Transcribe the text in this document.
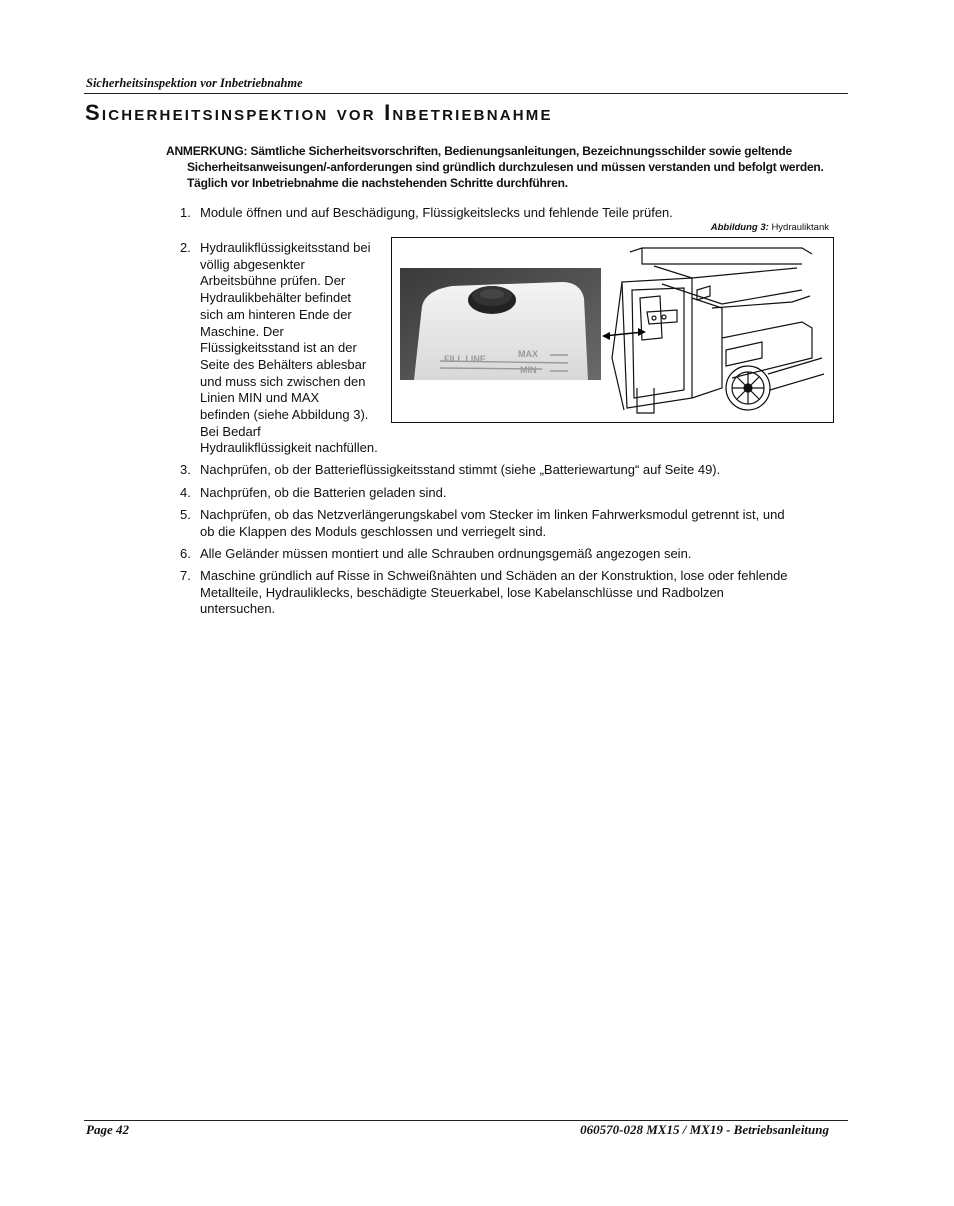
Sicherheitsinspektion vor Inbetriebnahme
Sicherheitsinspektion vor Inbetriebnahme
ANMERKUNG: Sämtliche Sicherheitsvorschriften, Bedienungsanleitungen, Bezeichnungsschilder sowie geltende Sicherheitsanweisungen/-anforderungen sind gründlich durchzulesen und müssen verstanden und befolgt werden. Täglich vor Inbetriebnahme die nachstehenden Schritte durchführen.
1. Module öffnen und auf Beschädigung, Flüssigkeitslecks und fehlende Teile prüfen.
Abbildung 3: Hydrauliktank
2. Hydraulikflüssigkeitsstand bei
völlig abgesenkter
Arbeitsbühne prüfen. Der
Hydraulikbehälter befindet
sich am hinteren Ende der
Maschine. Der
Flüssigkeitsstand ist an der
Seite des Behälters ablesbar
und muss sich zwischen den
Linien MIN und MAX
befinden (siehe Abbildung 3).
Bei Bedarf
Hydraulikflüssigkeit nachfüllen.
FILL LINE	MAX
MIN
3. Nachprüfen, ob der Batterieflüssigkeitsstand stimmt (siehe „Batteriewartung“ auf Seite 49).
4. Nachprüfen, ob die Batterien geladen sind.
5. Nachprüfen, ob das Netzverlängerungskabel vom Stecker im linken Fahrwerksmodul getrennt ist, und
ob die Klappen des Moduls geschlossen und verriegelt sind.
6. Alle Geländer müssen montiert und alle Schrauben ordnungsgemäß angezogen sein.
7. Maschine gründlich auf Risse in Schweißnähten und Schäden an der Konstruktion, lose oder fehlende
Metallteile, Hydrauliklecks, beschädigte Steuerkabel, lose Kabelanschlüsse und Radbolzen
untersuchen.
Page 42	060570-028 MX15 / MX19 - Betriebsanleitung
